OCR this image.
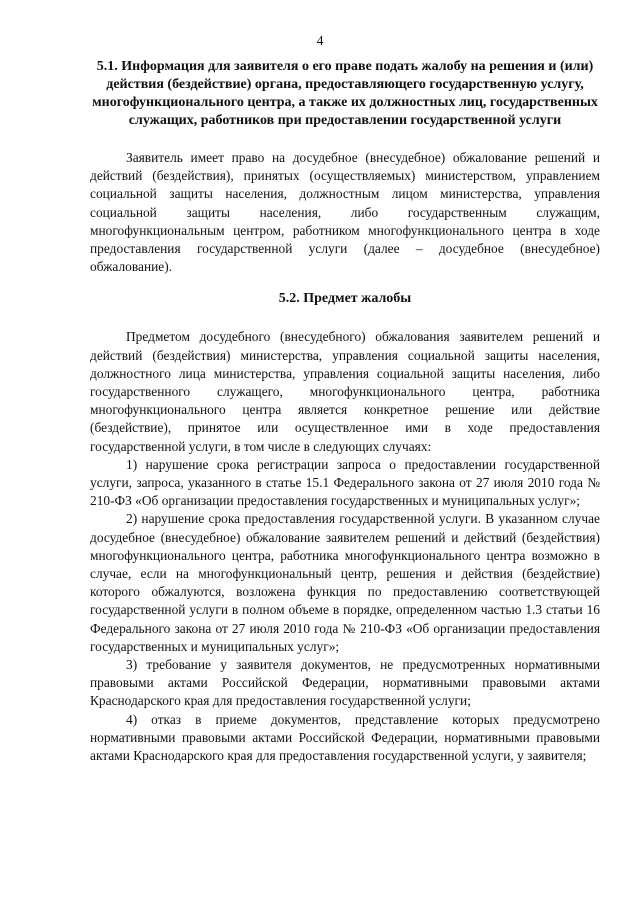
4

5.1. Информация для заявителя о его праве подать жалобу на решения и (или) действия (бездействие) органа, предоставляющего государственную услугу, многофункционального центра, а также их должностных лиц, государственных служащих, работников при предоставлении государственной услуги

Заявитель имеет право на досудебное (внесудебное) обжалование решений и действий (бездействия), принятых (осуществляемых) министерством, управлением социальной защиты населения, должностным лицом министерства, управления социальной защиты населения, либо государственным служащим, многофункциональным центром, работником многофункционального центра в ходе предоставления государственной услуги (далее – досудебное (внесудебное) обжалование).

5.2. Предмет жалобы

Предметом досудебного (внесудебного) обжалования заявителем решений и действий (бездействия) министерства, управления социальной защиты населения, должностного лица министерства, управления социальной защиты населения, либо государственного служащего, многофункционального центра, работника многофункционального центра является конкретное решение или действие (бездействие), принятое или осуществленное ими в ходе предоставления государственной услуги, в том числе в следующих случаях:

1) нарушение срока регистрации запроса о предоставлении государственной услуги, запроса, указанного в статье 15.1 Федерального закона от 27 июля 2010 года № 210-ФЗ «Об организации предоставления государственных и муниципальных услуг»;

2) нарушение срока предоставления государственной услуги. В указанном случае досудебное (внесудебное) обжалование заявителем решений и действий (бездействия) многофункционального центра, работника многофункционального центра возможно в случае, если на многофункциональный центр, решения и действия (бездействие) которого обжалуются, возложена функция по предоставлению соответствующей государственной услуги в полном объеме в порядке, определенном частью 1.3 статьи 16 Федерального закона от 27 июля 2010 года № 210-ФЗ «Об организации предоставления государственных и муниципальных услуг»;

3) требование у заявителя документов, не предусмотренных нормативными правовыми актами Российской Федерации, нормативными правовыми актами Краснодарского края для предоставления государственной услуги;

4) отказ в приеме документов, представление которых предусмотрено нормативными правовыми актами Российской Федерации, нормативными правовыми актами Краснодарского края для предоставления государственной услуги, у заявителя;
